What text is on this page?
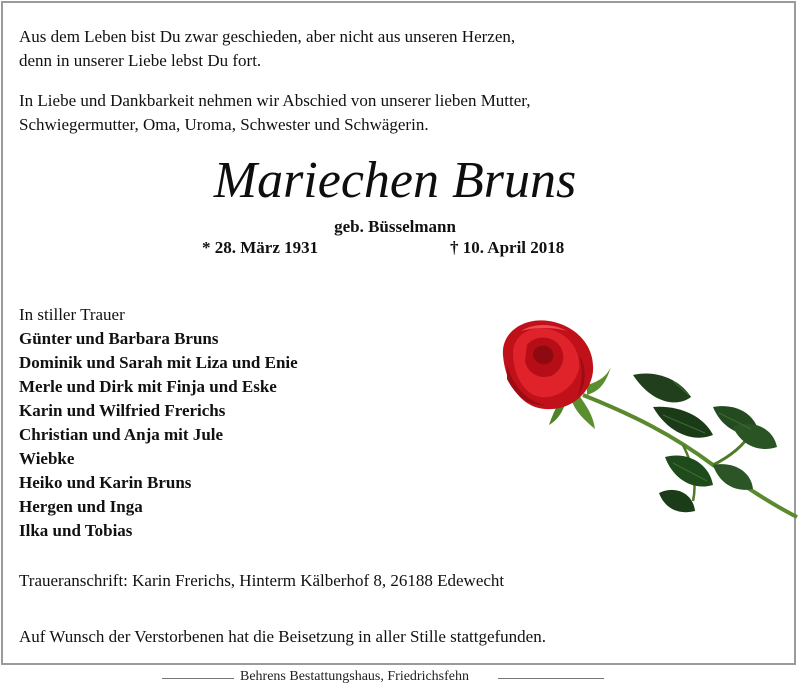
Aus dem Leben bist Du zwar geschieden, aber nicht aus unseren Herzen,
denn in unserer Liebe lebst Du fort.
In Liebe und Dankbarkeit nehmen wir Abschied von unserer lieben Mutter,
Schwiegermutter, Oma, Uroma, Schwester und Schwägerin.
Mariechen Bruns
geb. Büsselmann
* 28. März 1931	† 10. April 2018
In stiller Trauer
Günter und Barbara Bruns
Dominik und Sarah mit Liza und Enie
Merle und Dirk mit Finja und Eske
Karin und Wilfried Frerichs
Christian und Anja mit Jule
Wiebke
Heiko und Karin Bruns
Hergen und Inga
Ilka und Tobias
Traueranschrift: Karin Frerichs, Hinterm Kälberhof 8, 26188 Edewecht
Auf Wunsch der Verstorbenen hat die Beisetzung in aller Stille stattgefunden.
Behrens Bestattungshaus, Friedrichsfehn
